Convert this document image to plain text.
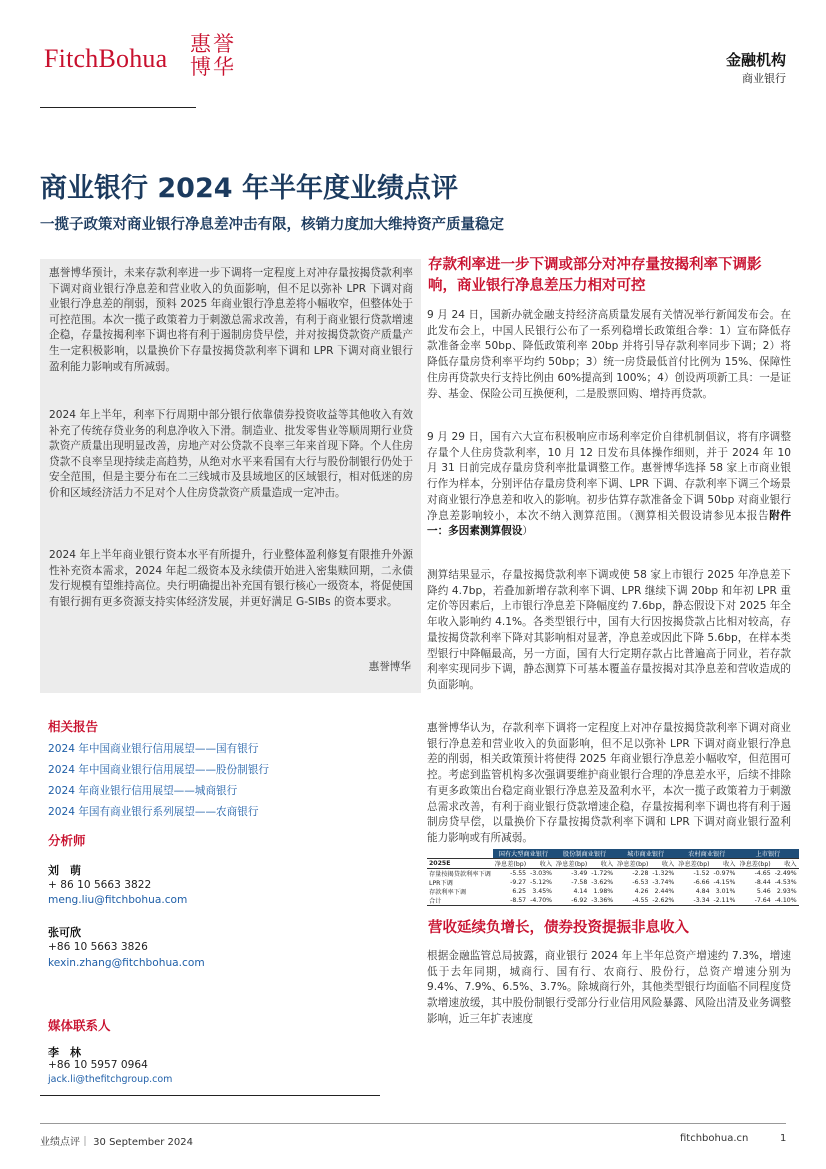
FitchBohua 惠誉
博华	金融机构
商业银行
商业银行 2024 年半年度业绩点评
一揽子政策对商业银行净息差冲击有限，核销力度加大维持资产质量稳定

惠誉博华预计，未来存款利率进一步下调将一定程度上对冲存量按揭贷款利率下调对商业银行净息差和营业收入的负面影响，但不足以弥补 LPR 下调对商业银行净息差的削弱，预料 2025 年商业银行净息差将小幅收窄，但整体处于可控范围。本次一揽子政策着力于刺激总需求改善，有利于商业银行贷款增速企稳，存量按揭利率下调也将有利于遏制房贷早偿，并对按揭贷款资产质量产生一定积极影响，以量换价下存量按揭贷款利率下调和 LPR 下调对商业银行盈利能力影响或有所减弱。

2024 年上半年，利率下行周期中部分银行依靠债券投资收益等其他收入有效补充了传统存贷业务的利息净收入下滑。制造业、批发零售业等顺周期行业贷款资产质量出现明显改善，房地产对公贷款不良率三年来首现下降。个人住房贷款不良率呈现持续走高趋势，从绝对水平来看国有大行与股份制银行仍处于安全范围，但是主要分布在二三线城市及县域地区的区域银行，相对低迷的房价和区域经济活力不足对个人住房贷款资产质量造成一定冲击。

2024 年上半年商业银行资本水平有所提升，行业整体盈利修复有限推升外源性补充资本需求，2024 年起二级资本及永续债开始进入密集赎回期，二永债发行规模有望维持高位。央行明确提出补充国有银行核心一级资本，将促使国有银行拥有更多资源支持实体经济发展，并更好满足 G-SIBs 的资本要求。

惠誉博华
相关报告
2024 年中国商业银行信用展望——国有银行
2024 年中国商业银行信用展望——股份制银行
2024 年商业银行信用展望——城商银行
2024 年国有商业银行系列展望——农商银行
分析师
刘　萌
+ 86 10 5663 3822
meng.liu@fitchbohua.com
张可欣
+86 10 5663 3826
kexin.zhang@fitchbohua.com
媒体联系人
李　林
+86 10 5957 0964
jack.li@thefitchgroup.com
存款利率进一步下调或部分对冲存量按揭利率下调影响，商业银行净息差压力相对可控

9 月 24 日，国新办就金融支持经济高质量发展有关情况举行新闻发布会。在此发布会上，中国人民银行公布了一系列稳增长政策组合拳：1）宣布降低存款准备金率 50bp、降低政策利率 20bp 并将引导存款利率同步下调；2）将降低存量房贷利率平均约 50bp；3）统一房贷最低首付比例为 15%、保障性住房再贷款央行支持比例由 60%提高到 100%；4）创设两项新工具：一是证券、基金、保险公司互换便利，二是股票回购、增持再贷款。

9 月 29 日，国有六大宣布积极响应市场利率定价自律机制倡议，将有序调整存量个人住房贷款利率，10 月 12 日发布具体操作细则，并于 2024 年 10 月 31 日前完成存量房贷利率批量调整工作。惠誉博华选择 58 家上市商业银行作为样本，分别评估存量房贷利率下调、LPR 下调、存款利率下调三个场景对商业银行净息差和收入的影响。初步估算存款准备金下调 50bp 对商业银行净息差影响较小，本次不纳入测算范围。（测算相关假设请参见本报告附件一：多因素测算假设）

测算结果显示，存量按揭贷款利率下调或使 58 家上市银行 2025 年净息差下降约 4.7bp，若叠加新增存款利率下调、LPR 继续下调 20bp 和年初 LPR 重定价等因素后，上市银行净息差下降幅度约 7.6bp，静态假设下对 2025 年全年收入影响约 4.1%。各类型银行中，国有大行因按揭贷款占比相对较高，存量按揭贷款利率下降对其影响相对显著，净息差或因此下降 5.6bp，在样本类型银行中降幅最高，另一方面，国有大行定期存款占比普遍高于同业，若存款利率实现同步下调，静态测算下可基本覆盖存量按揭对其净息差和营收造成的负面影响。

惠誉博华认为，存款利率下调将一定程度上对冲存量按揭贷款利率下调对商业银行净息差和营业收入的负面影响，但不足以弥补 LPR 下调对商业银行净息差的削弱，相关政策预计将使得 2025 年商业银行净息差小幅收窄，但范围可控。考虑到监管机构多次强调要维护商业银行合理的净息差水平，后续不排除有更多政策出台稳定商业银行净息差及盈利水平，本次一揽子政策着力于刺激总需求改善，有利于商业银行贷款增速企稳，存量按揭利率下调也将有利于遏制房贷早偿，以量换价下存量按揭贷款利率下调和 LPR 下调对商业银行盈利能力影响或有所减弱。

	国有大型商业银行		股份制商业银行		城市商业银行		农村商业银行		上市银行	
2025E	净息差(bp)	收入	净息差(bp)	收入	净息差(bp)	收入	净息差(bp)	收入	净息差(bp)	收入
存量按揭贷款利率下调	-5.55	-3.03%	-3.49	-1.72%	-2.28	-1.32%	-1.52	-0.97%	-4.65	-2.49%
LPR下调	-9.27	-5.12%	-7.58	-3.62%	-6.53	-3.74%	-6.66	-4.15%	-8.44	-4.53%
存款利率下调	6.25	3.45%	4.14	1.98%	4.26	2.44%	4.84	3.01%	5.46	2.93%
合计	-8.57	-4.70%	-6.92	-3.36%	-4.55	-2.62%	-3.34	-2.11%	-7.64	-4.10%
营收延续负增长，债券投资提振非息收入

根据金融监管总局披露，商业银行 2024 年上半年总资产增速约 7.3%，增速低于去年同期，城商行、国有行、农商行、股份行，总资产增速分别为 9.4%、7.9%、6.5%、3.7%。除城商行外，其他类型银行均面临不同程度贷款增速放缓，其中股份制银行受部分行业信用风险暴露、风险出清及业务调整影响，近三年扩表速度

业绩点评｜ 30 September 2024	fitchbohua.cn	1
